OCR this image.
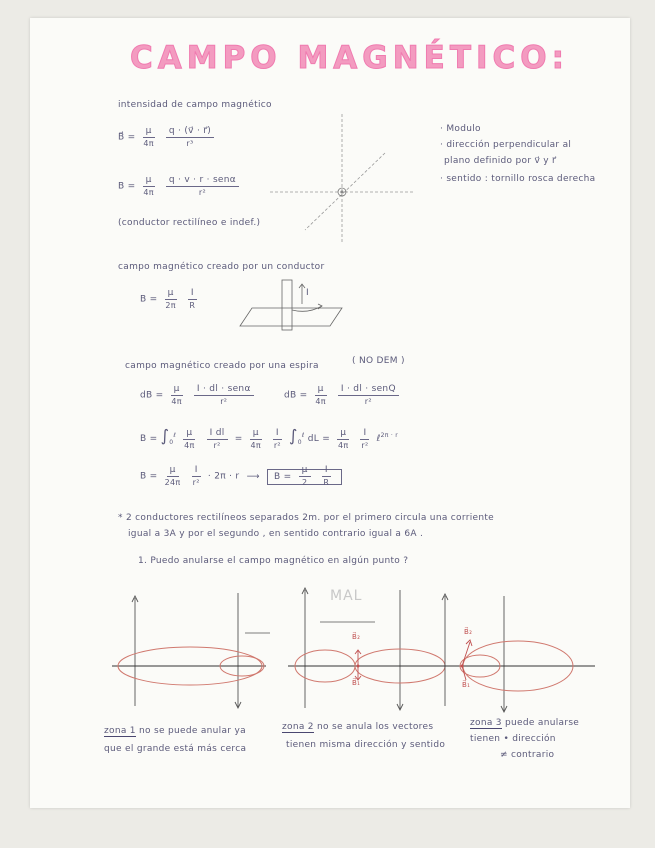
CAMPO MAGNÉTICO:
intensidad de campo magnético
B⃗ = $\frac{\mu}{4\pi}$
$\frac{q \cdot (v⃗ \cdot r⃗)}{\text{r³}}$
$B = \frac{\mu}{4\pi}$
$\frac{\text{q · v · r · senα}}{\text{r²}}$
(conductor rectilíneo e indef.)
· Modulo
· dirección perpendicular al
plano definido por v⃗ y r⃗
· sentido : tornillo rosca derecha
campo magnético creado por un conductor
$B = \frac{\mu}{2\pi}$
$\frac{I}{R}$	I
campo magnético creado por una espira	( NO DEM )
dB = $\frac{\mu}{4\pi}$
$\frac{\text{I · dl · senα}}{\text{r²}}$	dB = $\frac{\mu}{4\pi}$
$\frac{\text{I · dl · senQ}}{\text{r²}}$
$B = \int_0^\ell \frac{\mu}{4\pi}$
$\frac{\text{I dl}}{\text{r²}} = \frac{\mu}{4\pi}$
$\frac{I}{\text{r²}} \int_0^\ell$ dL = $\frac{\mu}{4\pi}$
$\frac{I}{\text{r²}}$ ℓ$^{2\pi \cdot r}$
$B = \frac{\mu}{24\pi}$
$\frac{I}{\text{r²}} \cdot 2\pi \cdot r$ ⟶ $B = \frac{\mu}{2}$
$\frac{I}{R}$
* 2 conductores rectilíneos separados 2m. por el primero circula una corriente
igual a 3A y por el segundo , en sentido contrario igual a 6A .
1. Puedo anularse el campo magnético en algún punto ?
MAL
B⃗₂
B⃗₁
B⃗₂
B⃗₁
zona 1 no se puede anular ya
que el grande está más cerca
zona 2 no se anula los vectores
tienen misma dirección y sentido
zona 3 puede anularse
tienen • dirección
≠ contrario
